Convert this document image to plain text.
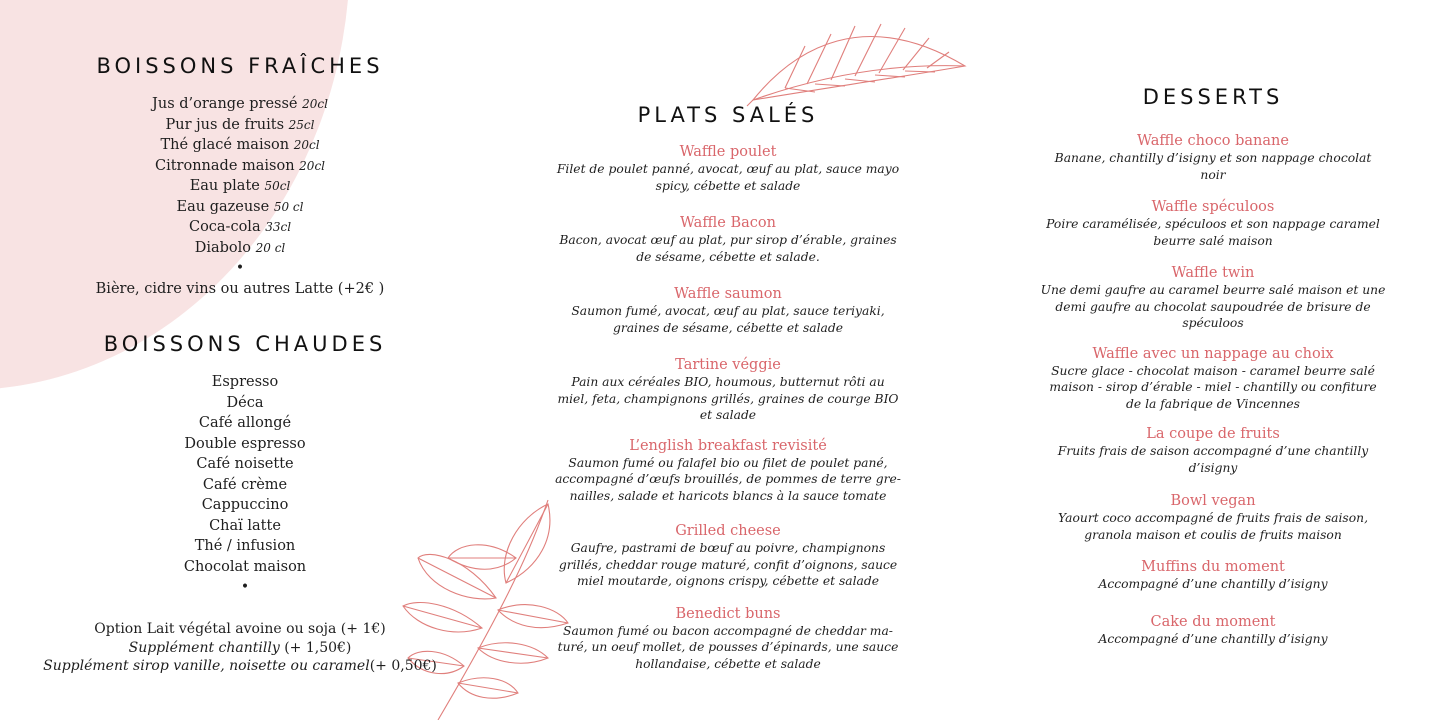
BOISSONS FRAÎCHES
Jus d’orange pressé 20cl
Pur jus de fruits 25cl
Thé glacé maison 20cl
Citronnade maison 20cl
Eau plate 50cl
Eau gazeuse 50 cl
Coca-cola 33cl
Diabolo 20 cl
•
Bière, cidre vins ou autres Latte (+2€ )
BOISSONS CHAUDES
Espresso
Déca
Café allongé
Double espresso
Café noisette
Café crème
Cappuccino
Chaï latte
Thé / infusion
Chocolat maison
•
Option Lait végétal avoine ou soja (+ 1€)
Supplément chantilly (+ 1,50€)
Supplément sirop vanille, noisette ou caramel(+ 0,50€)
PLATS SALÉS
Waffle poulet
Filet de poulet panné, avocat, œuf au plat, sauce mayo
spicy, cébette et salade
Waffle Bacon
Bacon, avocat œuf au plat, pur sirop d’érable, graines
de sésame, cébette et salade.
Waffle saumon
Saumon fumé, avocat, œuf au plat, sauce teriyaki,
graines de sésame, cébette et salade
Tartine véggie
Pain aux céréales BIO, houmous, butternut rôti au
miel, feta, champignons grillés, graines de courge BIO
et salade
L’english breakfast revisité
Saumon fumé ou falafel bio ou filet de poulet pané,
accompagné d’œufs brouillés, de pommes de terre gre-
nailles, salade et haricots blancs à la sauce tomate
Grilled cheese
Gaufre, pastrami de bœuf au poivre, champignons
grillés, cheddar rouge maturé, confit d’oignons, sauce
miel moutarde, oignons crispy, cébette et salade
Benedict buns
Saumon fumé ou bacon accompagné de cheddar ma-
turé, un oeuf mollet, de pousses d’épinards, une sauce
hollandaise, cébette et salade
DESSERTS
Waffle choco banane
Banane, chantilly d’isigny et son nappage chocolat
noir
Waffle spéculoos
Poire caramélisée, spéculoos et son nappage caramel
beurre salé maison
Waffle twin
Une demi gaufre au caramel beurre salé maison et une
demi gaufre au chocolat saupoudrée de brisure de
spéculoos
Waffle avec un nappage au choix
Sucre glace - chocolat maison - caramel beurre salé
maison - sirop d’érable - miel - chantilly ou confiture
de la fabrique de Vincennes
La coupe de fruits
Fruits frais de saison accompagné d’une chantilly
d’isigny
Bowl vegan
Yaourt coco accompagné de fruits frais de saison,
granola maison et coulis de fruits maison
Muffins du moment
Accompagné d’une chantilly d’isigny
Cake du moment
Accompagné d’une chantilly d’isigny
